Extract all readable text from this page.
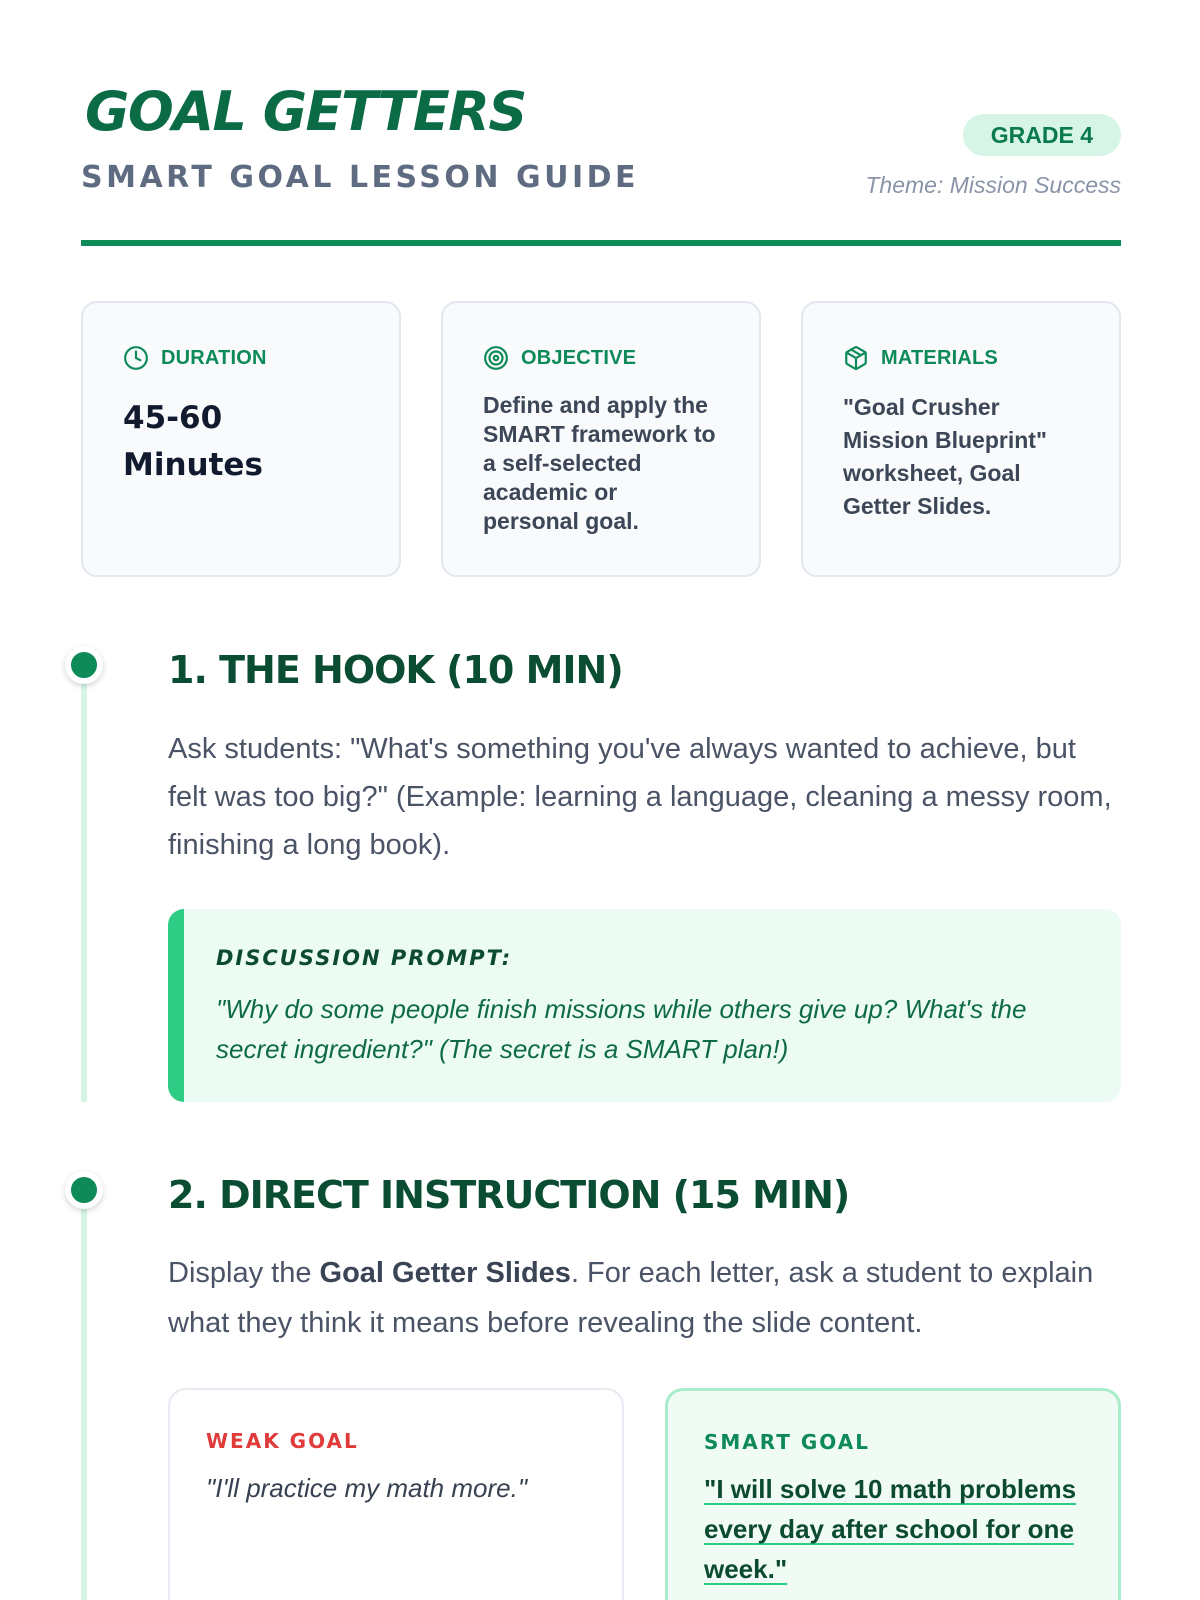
GOAL GETTERS
SMART GOAL LESSON GUIDE
GRADE 4
Theme: Mission Success
DURATION
45-60
Minutes
OBJECTIVE
Define and apply the SMART framework to a self-selected academic or personal goal.
MATERIALS
"Goal Crusher Mission Blueprint" worksheet, Goal Getter Slides.
1. THE HOOK (10 MIN)
Ask students: "What's something you've always wanted to achieve, but felt was too big?" (Example: learning a language, cleaning a messy room, finishing a long book).
DISCUSSION PROMPT:
"Why do some people finish missions while others give up? What's the secret ingredient?" (The secret is a SMART plan!)
2. DIRECT INSTRUCTION (15 MIN)
Display the Goal Getter Slides. For each letter, ask a student to explain what they think it means before revealing the slide content.
WEAK GOAL
"I'll practice my math more."
SMART GOAL
"I will solve 10 math problems every day after school for one week."
